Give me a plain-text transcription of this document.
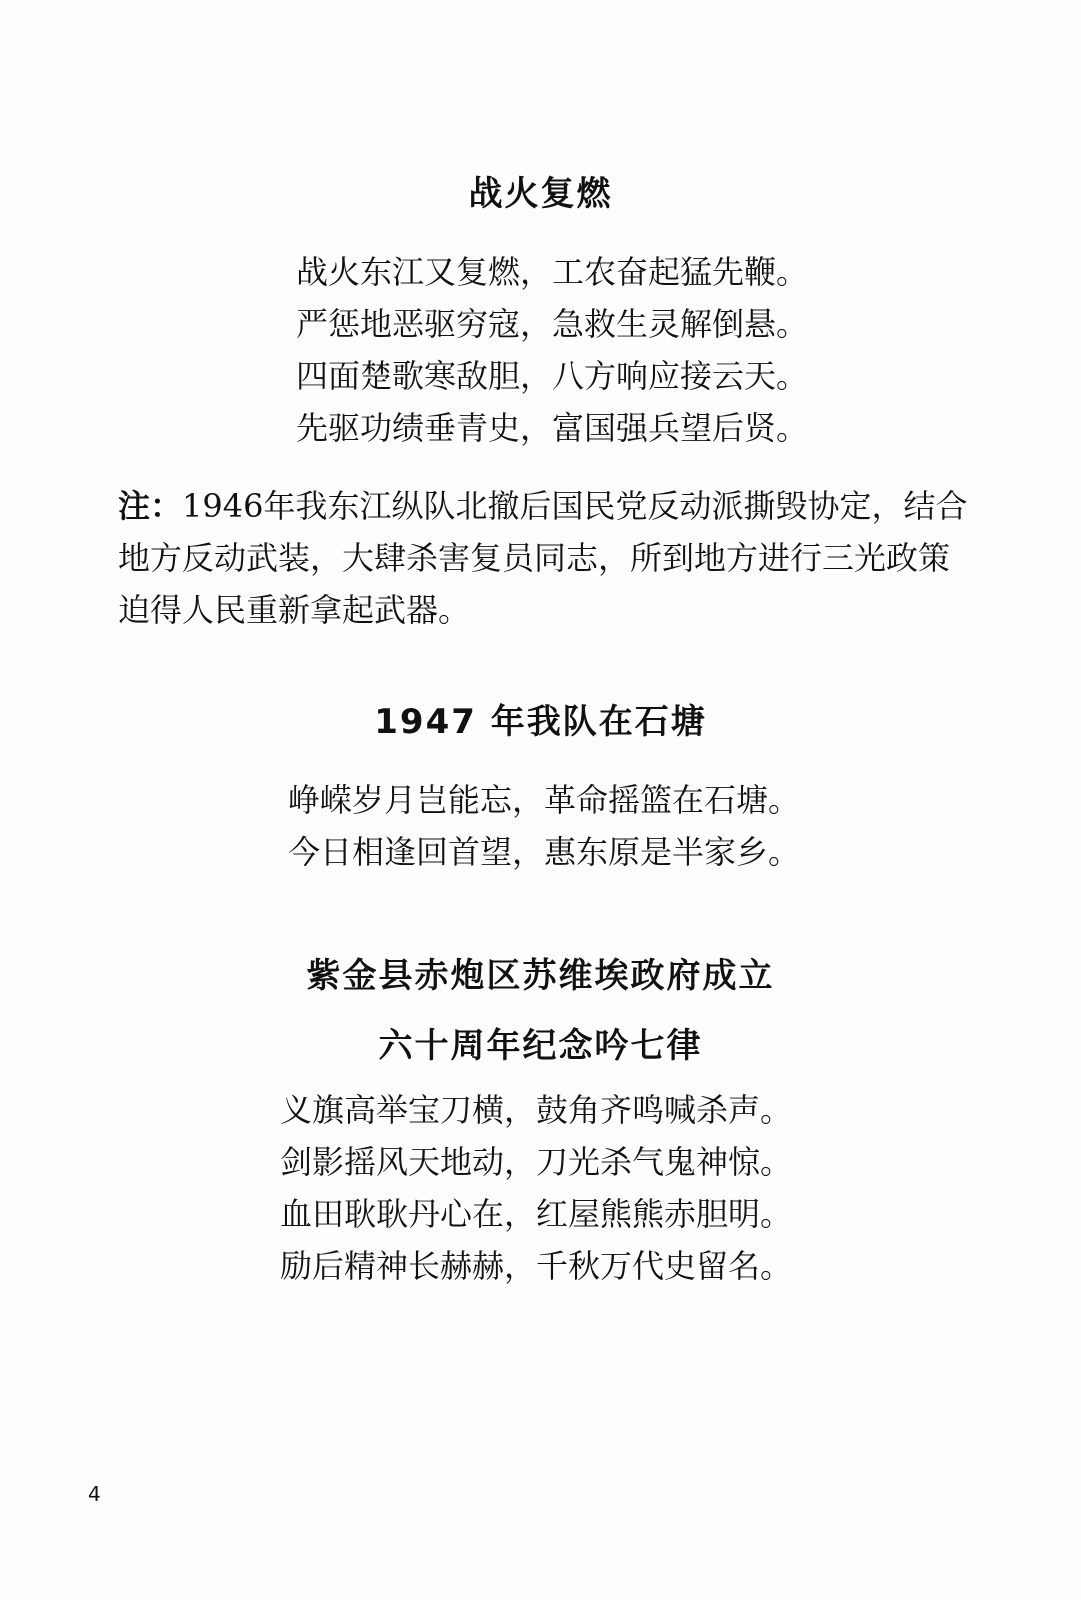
战火复燃
战火东江又复燃，工农奋起猛先鞭。
严惩地恶驱穷寇，急救生灵解倒悬。
四面楚歌寒敌胆，八方响应接云天。
先驱功绩垂青史，富国强兵望后贤。
注：1946年我东江纵队北撤后国民党反动派撕毁协定，结合
地方反动武装，大肆杀害复员同志，所到地方进行三光政策
迫得人民重新拿起武器。
1947 年我队在石塘
峥嵘岁月岂能忘，革命摇篮在石塘。
今日相逢回首望，惠东原是半家乡。
紫金县赤炮区苏维埃政府成立
六十周年纪念吟七律
义旗高举宝刀横，鼓角齐鸣喊杀声。
剑影摇风天地动，刀光杀气鬼神惊。
血田耿耿丹心在，红屋熊熊赤胆明。
励后精神长赫赫，千秋万代史留名。
4
